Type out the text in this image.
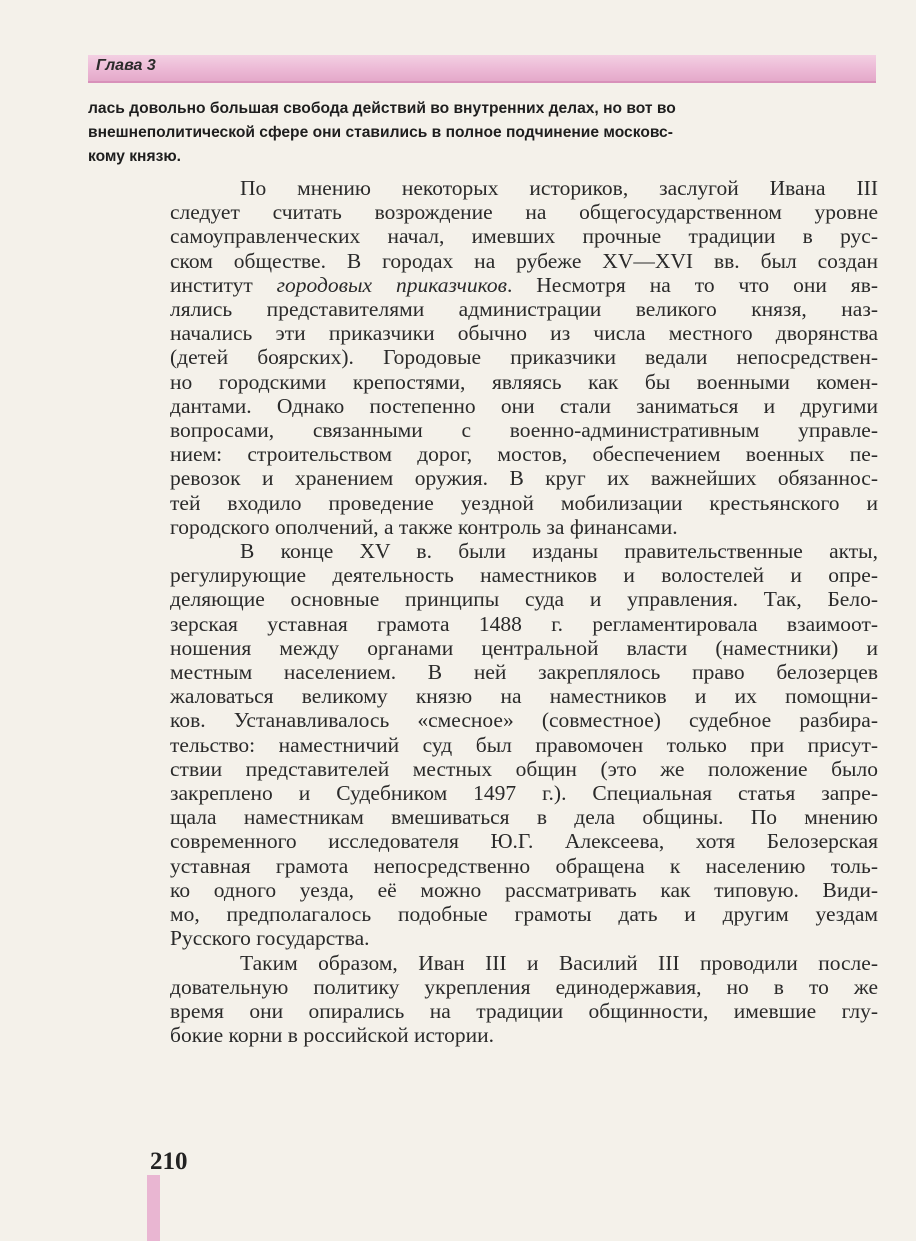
Глава 3
лась довольно большая свобода действий во внутренних делах, но вот во
внешнеполитической сфере они ставились в полное подчинение московс-
кому князю.
По мнению некоторых историков, заслугой Ивана III
следует считать возрождение на общегосударственном уровне
самоуправленческих начал, имевших прочные традиции в рус-
ском обществе. В городах на рубеже XV—XVI вв. был создан
институт городовых приказчиков. Несмотря на то что они яв-
лялись представителями администрации великого князя, наз-
начались эти приказчики обычно из числа местного дворянства
(детей боярских). Городовые приказчики ведали непосредствен-
но городскими крепостями, являясь как бы военными комен-
дантами. Однако постепенно они стали заниматься и другими
вопросами, связанными с военно-административным управле-
нием: строительством дорог, мостов, обеспечением военных пе-
ревозок и хранением оружия. В круг их важнейших обязаннос-
тей входило проведение уездной мобилизации крестьянского и
городского ополчений, а также контроль за финансами.
В конце XV в. были изданы правительственные акты,
регулирующие деятельность наместников и волостелей и опре-
деляющие основные принципы суда и управления. Так, Бело-
зерская уставная грамота 1488 г. регламентировала взаимоот-
ношения между органами центральной власти (наместники) и
местным населением. В ней закреплялось право белозерцев
жаловаться великому князю на наместников и их помощни-
ков. Устанавливалось «смесное» (совместное) судебное разбира-
тельство: наместничий суд был правомочен только при присут-
ствии представителей местных общин (это же положение было
закреплено и Судебником 1497 г.). Специальная статья запре-
щала наместникам вмешиваться в дела общины. По мнению
современного исследователя Ю.Г. Алексеева, хотя Белозерская
уставная грамота непосредственно обращена к населению толь-
ко одного уезда, её можно рассматривать как типовую. Види-
мо, предполагалось подобные грамоты дать и другим уездам
Русского государства.
Таким образом, Иван III и Василий III проводили после-
довательную политику укрепления единодержавия, но в то же
время они опирались на традиции общинности, имевшие глу-
бокие корни в российской истории.
210
